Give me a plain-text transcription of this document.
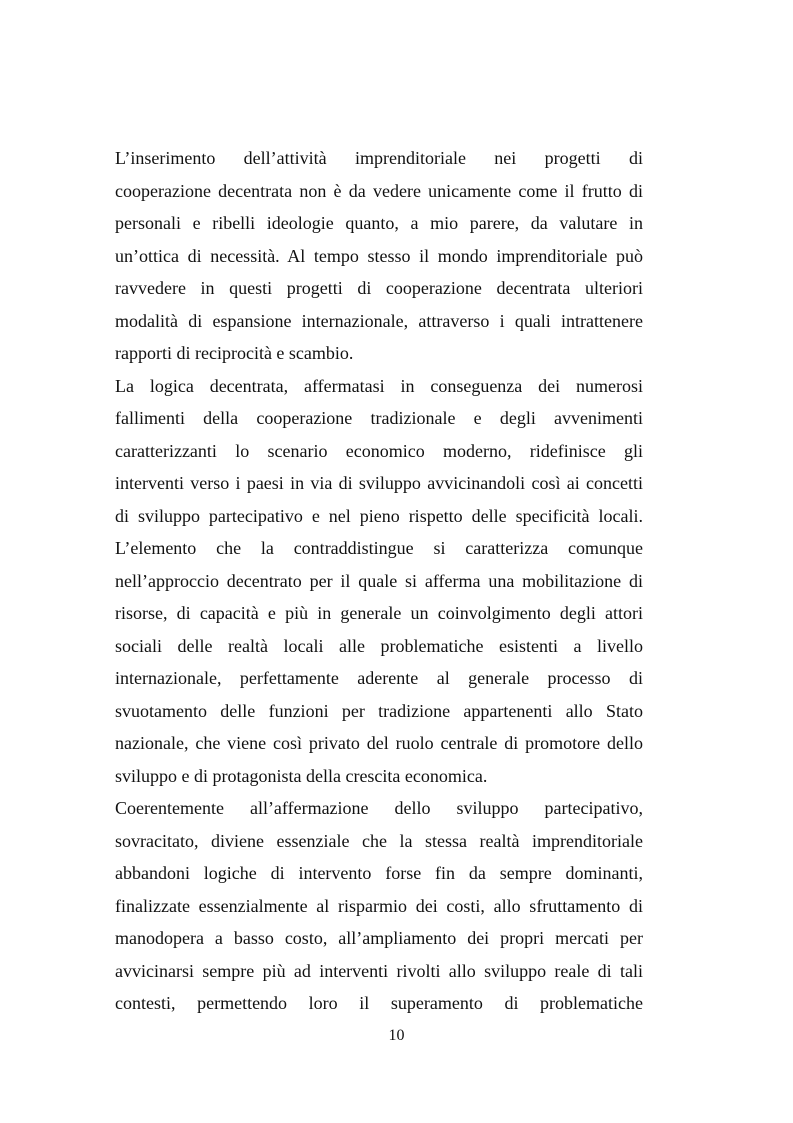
L’inserimento dell’attività imprenditoriale nei progetti di
cooperazione decentrata non è da vedere unicamente come il frutto di
personali e ribelli ideologie quanto, a mio parere, da valutare in
un’ottica di necessità. Al tempo stesso il mondo imprenditoriale può
ravvedere in questi progetti di cooperazione decentrata ulteriori
modalità di espansione internazionale, attraverso i quali intrattenere
rapporti di reciprocità e scambio.
La logica decentrata, affermatasi in conseguenza dei numerosi
fallimenti della cooperazione tradizionale e degli avvenimenti
caratterizzanti lo scenario economico moderno, ridefinisce gli
interventi verso i paesi in via di sviluppo avvicinandoli così ai concetti
di sviluppo partecipativo e nel pieno rispetto delle specificità locali.
L’elemento che la contraddistingue si caratterizza comunque
nell’approccio decentrato per il quale si afferma una mobilitazione di
risorse, di capacità e più in generale un coinvolgimento degli attori
sociali delle realtà locali alle problematiche esistenti a livello
internazionale, perfettamente aderente al generale processo di
svuotamento delle funzioni per tradizione appartenenti allo Stato
nazionale, che viene così privato del ruolo centrale di promotore dello
sviluppo e di protagonista della crescita economica.
Coerentemente all’affermazione dello sviluppo partecipativo,
sovracitato, diviene essenziale che la stessa realtà imprenditoriale
abbandoni logiche di intervento forse fin da sempre dominanti,
finalizzate essenzialmente al risparmio dei costi, allo sfruttamento di
manodopera a basso costo, all’ampliamento dei propri mercati per
avvicinarsi sempre più ad interventi rivolti allo sviluppo reale di tali
contesti, permettendo loro il superamento di problematiche
10
